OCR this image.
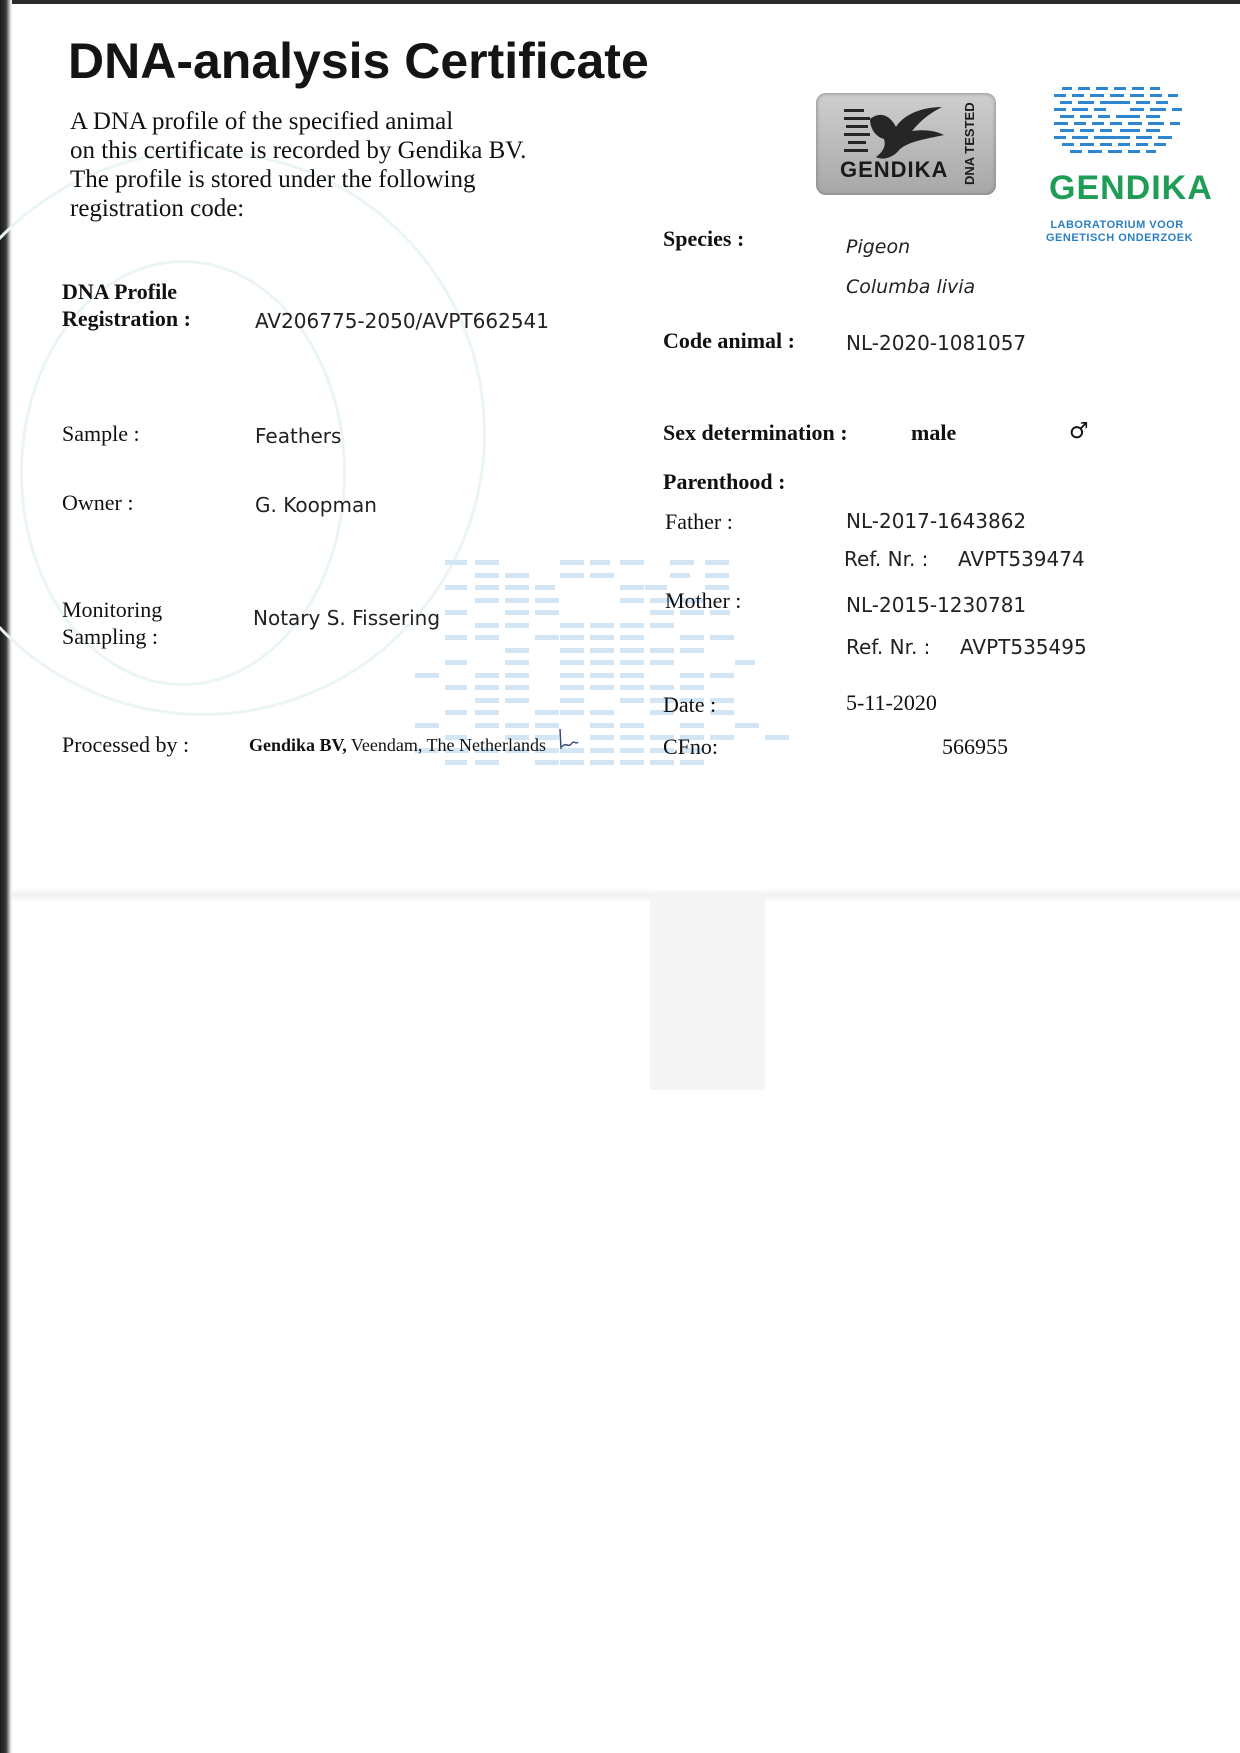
DNA-analysis Certificate
A DNA profile of the specified animal
on this certificate is recorded by Gendika BV.
The profile is stored under the following
registration code:
GENDIKA DNA TESTED
GENDIKA
LABORATORIUM VOOR
GENETISCH ONDERZOEK
DNA Profile
Registration :	AV206775-2050/AVPT662541
Sample :	Feathers
Owner :	G. Koopman
Monitoring
Sampling :
Notary S. Fissering
Processed by :	Gendika BV, Veendam, The Netherlands
Species :	Pigeon
Columba livia
Code animal :	NL-2020-1081057
Sex determination :	male	♂
Parenthood :
Father :	NL-2017-1643862
Ref. Nr. : AVPT539474
Mother :	NL-2015-1230781
Ref. Nr. : AVPT535495
Date :	5-11-2020
CFno:	566955
